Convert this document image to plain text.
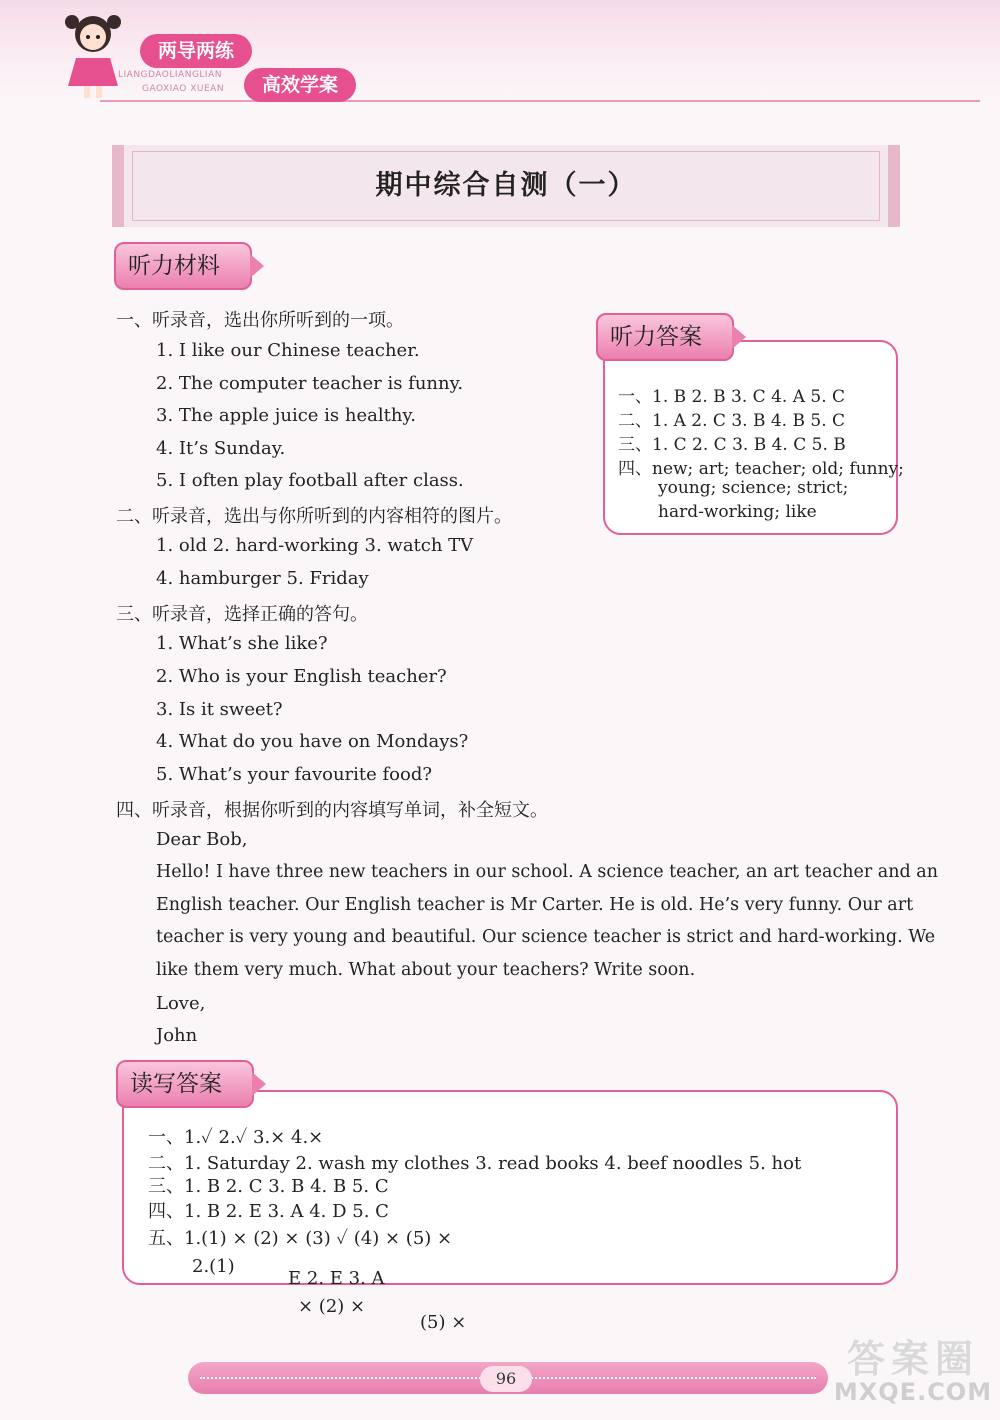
两导两练
高效学案
LIANGDAOLIANGLIAN
GAOXIAO XUEAN
期中综合自测（一）
听力材料
一、听录音，选出你所听到的一项。
1. I like our Chinese teacher.
2. The computer teacher is funny.
3. The apple juice is healthy.
4. It’s Sunday.
5. I often play football after class.
二、听录音，选出与你所听到的内容相符的图片。
1. old 2. hard-working 3. watch TV
4. hamburger 5. Friday
三、听录音，选择正确的答句。
1. What’s she like?
2. Who is your English teacher?
3. Is it sweet?
4. What do you have on Mondays?
5. What’s your favourite food?
四、听录音，根据你听到的内容填写单词，补全短文。
Dear Bob,
Hello! I have three new teachers in our school. A science teacher, an art teacher and an
English teacher. Our English teacher is Mr Carter. He is old. He’s very funny. Our art
teacher is very young and beautiful. Our science teacher is strict and hard-working. We
like them very much. What about your teachers? Write soon.
Love,
John
听力答案
一、1. B 2. B 3. C 4. A 5. C
二、1. A 2. C 3. B 4. B 5. C
三、1. C 2. C 3. B 4. C 5. B
四、new; art; teacher; old; funny;
young; science; strict;
hard-working; like
读写答案
一、1.✓ 2.✓ 3.× 4.×
二、1. Saturday 2. wash my clothes 3. read books 4. beef noodles 5. hot
三、1. B 2. C 3. B 4. B 5. C
四、1. B 2. E 3. A 4. D 5. C
五、1.(1) × (2) × (3) ✓ (4) × (5) ×
2.(1)
E 2. E 3. A
× (2) ×
(5) ×
96	答案圈
MXQE.COM
